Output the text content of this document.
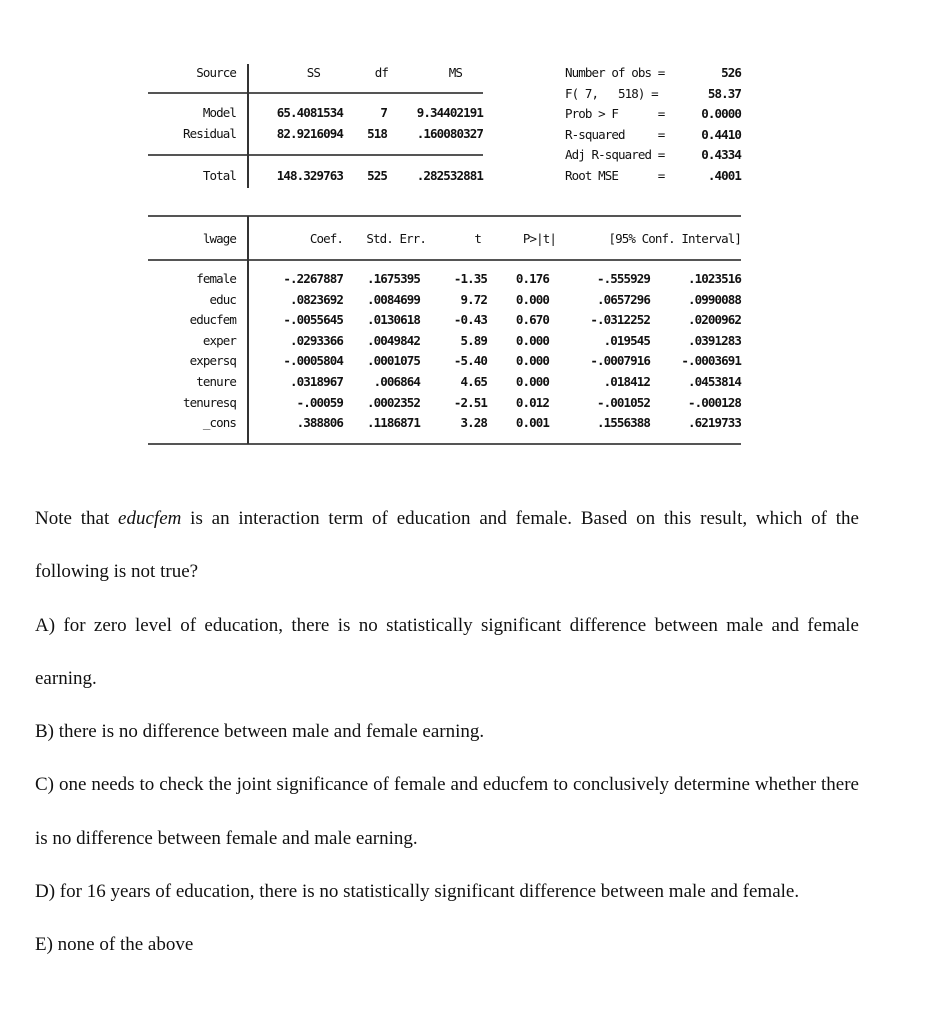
Source	SS	df	MS
Model	65.4081534	7 9.34402191
Residual	82.9216094 518 .160080327
Total	148.329763 525 .282532881
Number of obs =	526
F( 7,   518) =	58.37
Prob > F      =	0.0000
R-squared     =	0.4410
Adj R-squared =	0.4334
Root MSE      =	.4001
lwage	Coef. Std. Err.	t	P>|t|	[95% Conf. Interval]
female	-.2267887 .1675395	-1.35 0.176	-.555929	.1023516
educ	.0823692 .0084699	9.72 0.000	.0657296	.0990088
educfem	-.0055645 .0130618	-0.43 0.670	-.0312252	.0200962
exper	.0293366 .0049842	5.89 0.000	.019545	.0391283
expersq	-.0005804 .0001075	-5.40 0.000	-.0007916	-.0003691
tenure	.0318967 .006864	4.65 0.000	.018412	.0453814
tenuresq	-.00059 .0002352	-2.51 0.012	-.001052	-.000128
_cons	.388806 .1186871	3.28 0.001	.1556388	.6219733

Note that educfem is an interaction term of education and female. Based on this result, which of the following is not true?

A) for zero level of education, there is no statistically significant difference between male and female earning.

B) there is no difference between male and female earning.

C) one needs to check the joint significance of female and educfem to conclusively determine whether there is no difference between female and male earning.

D) for 16 years of education, there is no statistically significant difference between male and female.

E) none of the above
